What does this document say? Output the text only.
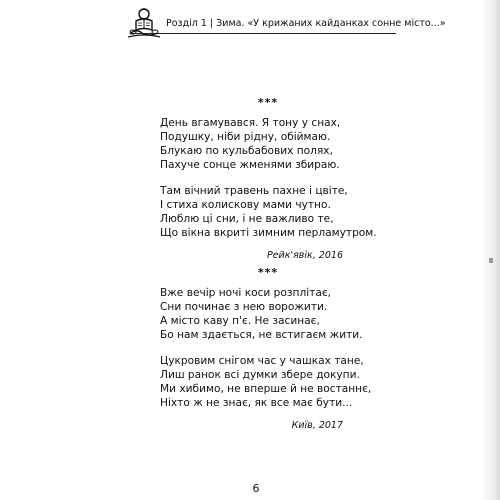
Розділ 1 | Зима. «У крижаних кайданках сонне місто...»
***
День вгамувався. Я тону у снах,
Подушку, ніби рідну, обіймаю.
Блукаю по кульбабових полях,
Пахуче сонце жменями збираю.
Там вічний травень пахне і цвіте,
І стиха колискову мами чутно.
Люблю ці сни, і не важливо те,
Що вікна вкриті зимним перламутром.
Рейк'явік, 2016
***
Вже вечір ночі коси розплітає,
Сни починає з нею ворожити.
А місто каву п'є. Не засинає,
Бо нам здається, не встигаєм жити.
Цукровим снігом час у чашках тане,
Лиш ранок всі думки збере докупи.
Ми хибимо, не вперше й не востаннє,
Ніхто ж не знає, як все має бути...
Київ, 2017
6
